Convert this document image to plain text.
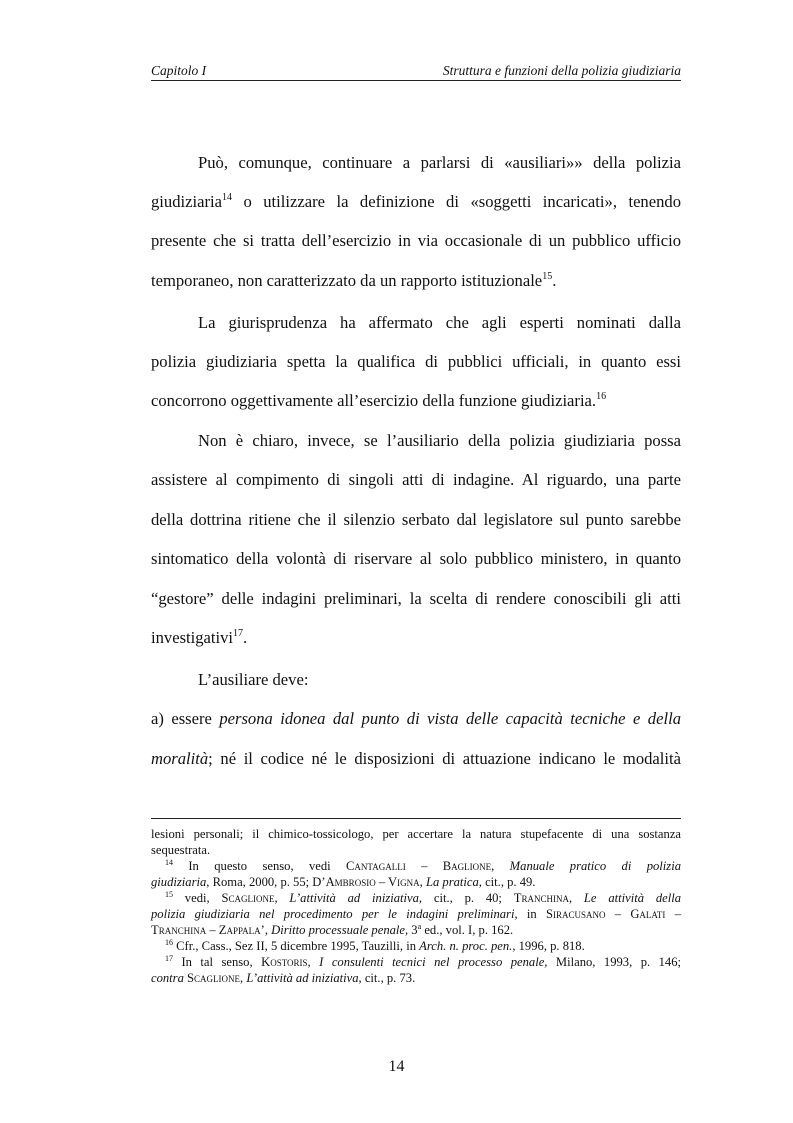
Capitolo I	Struttura e funzioni della polizia giudiziaria
Può, comunque, continuare a parlarsi di «ausiliari»» della polizia
giudiziaria$^{14}$ o utilizzare la definizione di «soggetti incaricati», tenendo
presente che si tratta dell’esercizio in via occasionale di un pubblico ufficio
temporaneo, non caratterizzato da un rapporto istituzionale$^{15}$.
La giurisprudenza ha affermato che agli esperti nominati dalla
polizia giudiziaria spetta la qualifica di pubblici ufficiali, in quanto essi
concorrono oggettivamente all’esercizio della funzione giudiziaria.$^{16}$
Non è chiaro, invece, se l’ausiliario della polizia giudiziaria possa
assistere al compimento di singoli atti di indagine. Al riguardo, una parte
della dottrina ritiene che il silenzio serbato dal legislatore sul punto sarebbe
sintomatico della volontà di riservare al solo pubblico ministero, in quanto
“gestore” delle indagini preliminari, la scelta di rendere conoscibili gli atti
investigativi$^{17}$.
L’ausiliare deve:
a) essere persona idonea dal punto di vista delle capacità tecniche e della
moralità; né il codice né le disposizioni di attuazione indicano le modalità
lesioni personali; il chimico-tossicologo, per accertare la natura stupefacente di una sostanza
sequestrata.
$^{14}$ In questo senso, vedi Cantagalli – Baglione, Manuale pratico di polizia
giudiziaria, Roma, 2000, p. 55; D’Ambrosio – Vigna, La pratica, cit., p. 49.
$^{15}$ vedi, Scaglione, L’attività ad iniziativa, cit., p. 40; Tranchina, Le attività della
polizia giudiziaria nel procedimento per le indagini preliminari, in Siracusano – Galati –
Tranchina – Zappala’, Diritto processuale penale, 3$^a$ ed., vol. I, p. 162.
$^{16}$ Cfr., Cass., Sez II, 5 dicembre 1995, Tauzilli, in Arch. n. proc. pen., 1996, p. 818.
$^{17}$ In tal senso, Kostoris, I consulenti tecnici nel processo penale, Milano, 1993, p. 146;
contra Scaglione, L’attività ad iniziativa, cit., p. 73.
14
